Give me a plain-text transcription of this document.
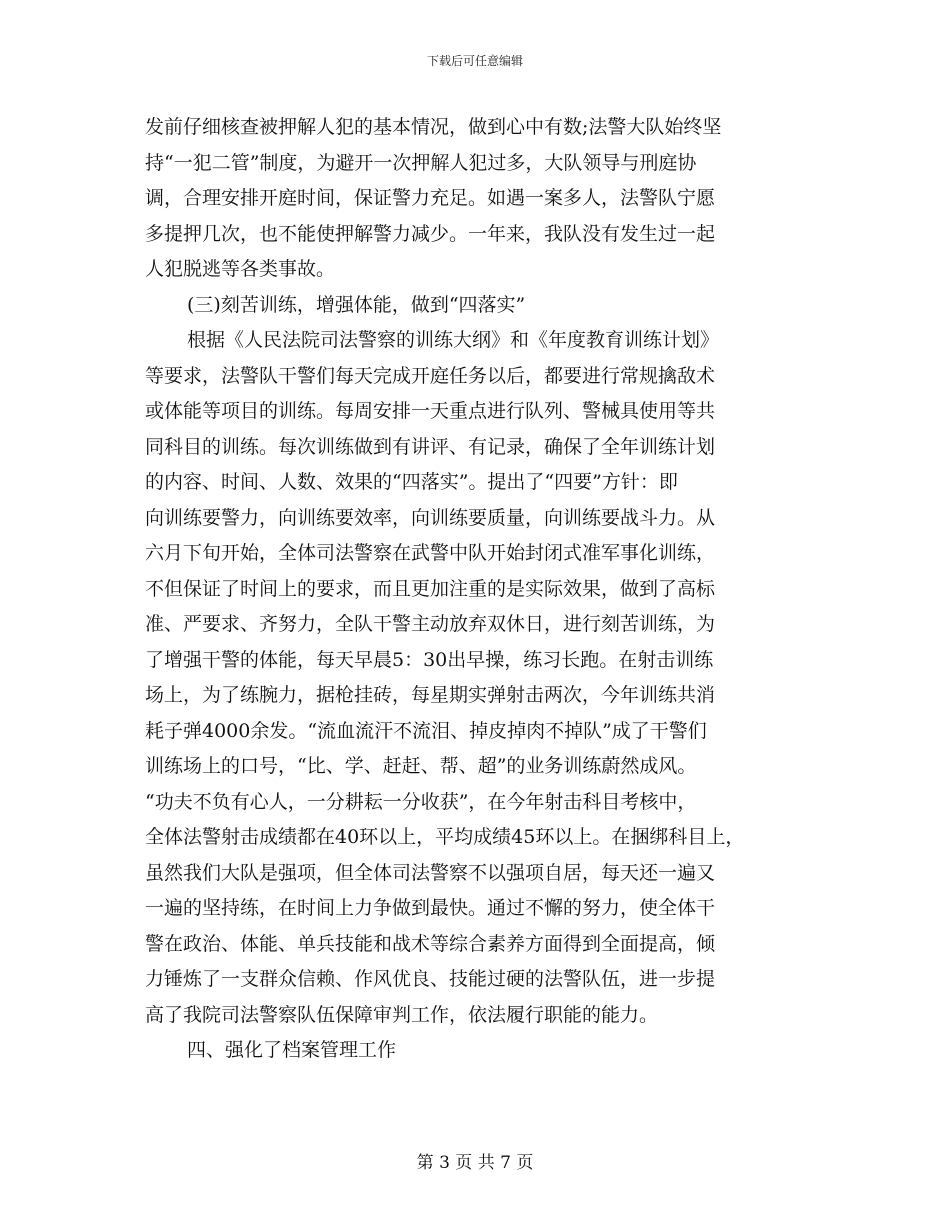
下载后可任意编辑
发前仔细核查被押解人犯的基本情况，做到心中有数;法警大队始终坚
持“一犯二管”制度，为避开一次押解人犯过多，大队领导与刑庭协
调，合理安排开庭时间，保证警力充足。如遇一案多人，法警队宁愿
多提押几次，也不能使押解警力减少。一年来，我队没有发生过一起
人犯脱逃等各类事故。
(三)刻苦训练，增强体能，做到“四落实”
根据《人民法院司法警察的训练大纲》和《年度教育训练计划》
等要求，法警队干警们每天完成开庭任务以后，都要进行常规擒敌术
或体能等项目的训练。每周安排一天重点进行队列、警械具使用等共
同科目的训练。每次训练做到有讲评、有记录，确保了全年训练计划
的内容、时间、人数、效果的“四落实”。提出了“四要”方针：即
向训练要警力，向训练要效率，向训练要质量，向训练要战斗力。从
六月下旬开始，全体司法警察在武警中队开始封闭式准军事化训练，
不但保证了时间上的要求，而且更加注重的是实际效果，做到了高标
准、严要求、齐努力，全队干警主动放弃双休日，进行刻苦训练，为
了增强干警的体能，每天早晨5：30出早操，练习长跑。在射击训练
场上，为了练腕力，据枪挂砖，每星期实弹射击两次，今年训练共消
耗子弹4000余发。“流血流汗不流泪、掉皮掉肉不掉队”成了干警们
训练场上的口号，“比、学、赶赶、帮、超”的业务训练蔚然成风。
“功夫不负有心人，一分耕耘一分收获”，在今年射击科目考核中，
全体法警射击成绩都在40环以上，平均成绩45环以上。在捆绑科目上，
虽然我们大队是强项，但全体司法警察不以强项自居，每天还一遍又
一遍的坚持练，在时间上力争做到最快。通过不懈的努力，使全体干
警在政治、体能、单兵技能和战术等综合素养方面得到全面提高，倾
力锤炼了一支群众信赖、作风优良、技能过硬的法警队伍，进一步提
高了我院司法警察队伍保障审判工作，依法履行职能的能力。
四、强化了档案管理工作
第 3 页 共 7 页
